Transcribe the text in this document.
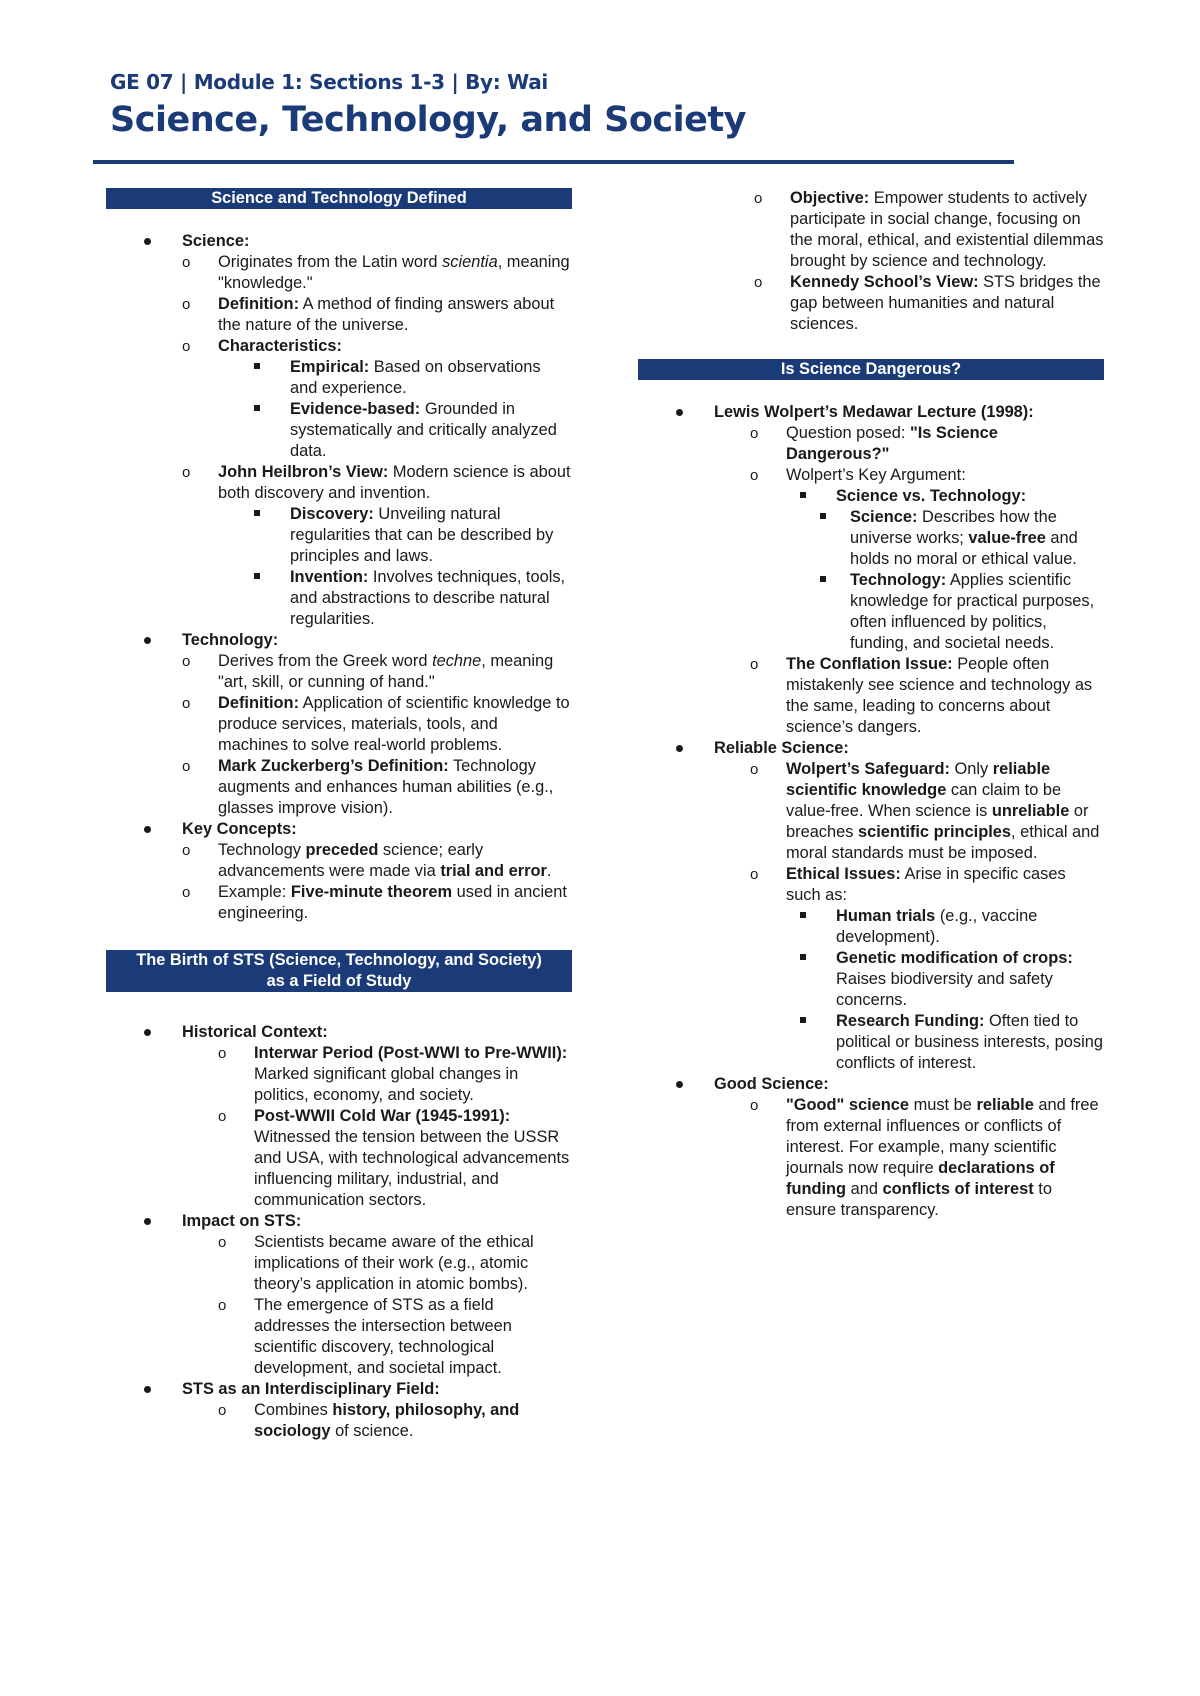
GE 07 | Module 1: Sections 1-3 | By: Wai
Science, Technology, and Society
Science and Technology Defined
Science:
o Originates from the Latin word scientia, meaning "knowledge."
o Definition: A method of finding answers about the nature of the universe.
o Characteristics:
Empirical: Based on observations and experience.
Evidence-based: Grounded in systematically and critically analyzed data.
o John Heilbron’s View: Modern science is about both discovery and invention.
Discovery: Unveiling natural regularities that can be described by principles and laws.
Invention: Involves techniques, tools, and abstractions to describe natural regularities.
Technology:
o Derives from the Greek word techne, meaning "art, skill, or cunning of hand."
o Definition: Application of scientific knowledge to produce services, materials, tools, and machines to solve real-world problems.
o Mark Zuckerberg’s Definition: Technology augments and enhances human abilities (e.g., glasses improve vision).
Key Concepts:
o Technology preceded science; early advancements were made via trial and error.
o Example: Five-minute theorem used in ancient engineering.
The Birth of STS (Science, Technology, and Society)
as a Field of Study
Historical Context:
o Interwar Period (Post-WWI to Pre-WWII): Marked significant global changes in politics, economy, and society.
o Post-WWII Cold War (1945-1991): Witnessed the tension between the USSR and USA, with technological advancements influencing military, industrial, and communication sectors.
Impact on STS:
o Scientists became aware of the ethical implications of their work (e.g., atomic theory’s application in atomic bombs).
o The emergence of STS as a field addresses the intersection between scientific discovery, technological development, and societal impact.
STS as an Interdisciplinary Field:
o Combines history, philosophy, and sociology of science.
o Objective: Empower students to actively participate in social change, focusing on the moral, ethical, and existential dilemmas brought by science and technology.
o Kennedy School’s View: STS bridges the gap between humanities and natural sciences.
Is Science Dangerous?
Lewis Wolpert’s Medawar Lecture (1998):
o Question posed: "Is Science Dangerous?"
o Wolpert’s Key Argument:
Science vs. Technology:
Science: Describes how the universe works; value-free and holds no moral or ethical value.
Technology: Applies scientific knowledge for practical purposes, often influenced by politics, funding, and societal needs.
o The Conflation Issue: People often mistakenly see science and technology as the same, leading to concerns about science’s dangers.
Reliable Science:
o Wolpert’s Safeguard: Only reliable scientific knowledge can claim to be value-free. When science is unreliable or breaches scientific principles, ethical and moral standards must be imposed.
o Ethical Issues: Arise in specific cases such as:
Human trials (e.g., vaccine development).
Genetic modification of crops: Raises biodiversity and safety concerns.
Research Funding: Often tied to political or business interests, posing conflicts of interest.
Good Science:
o "Good" science must be reliable and free from external influences or conflicts of interest. For example, many scientific journals now require declarations of funding and conflicts of interest to ensure transparency.
